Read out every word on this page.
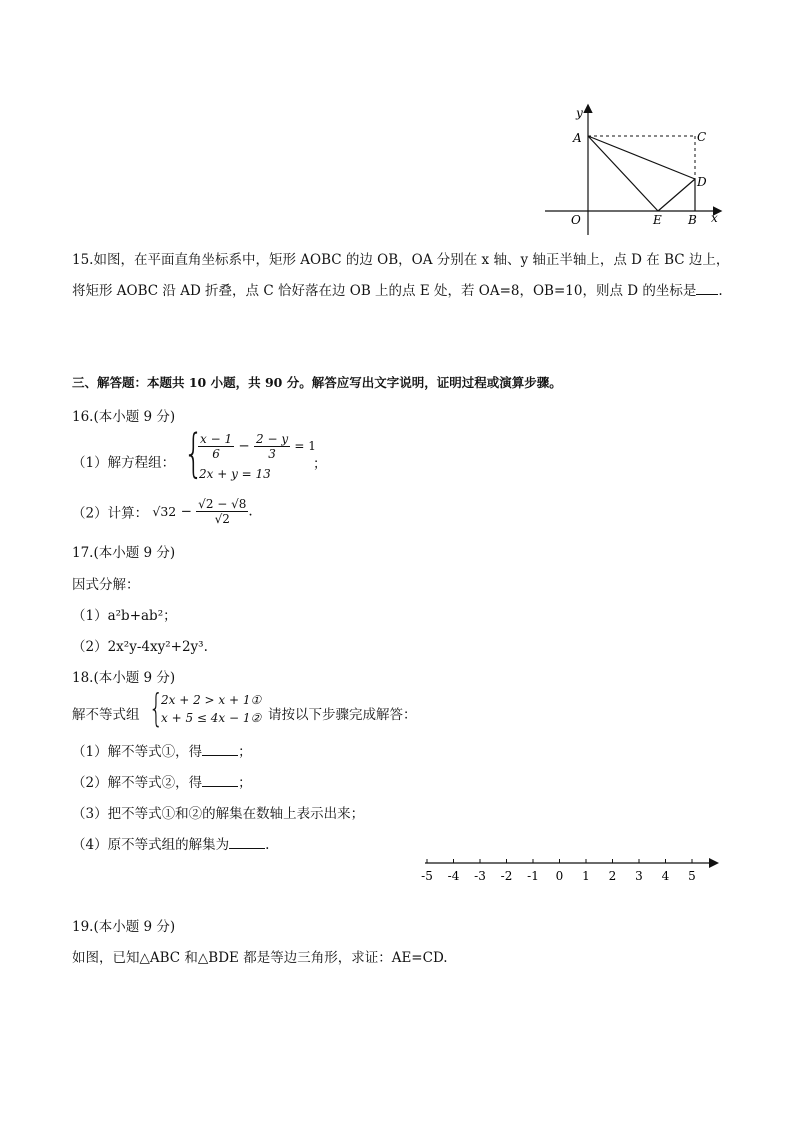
y
x
A	C
D
O	E B
15.如图，在平面直角坐标系中，矩形 AOBC 的边 OB，OA 分别在 x 轴、y 轴正半轴上，点 D 在 BC 边上，
将矩形 AOBC 沿 AD 折叠，点 C 恰好落在边 OB 上的点 E 处，若 OA=8，OB=10，则点 D 的坐标是 .
三、解答题：本题共 10 小题，共 90 分。解答应写出文字说明，证明过程或演算步骤。
16.(本小题 9 分)
（1）解方程组： {
$\frac{x - 1}{6} - \frac{2 - y}{3} = 1$
2x + y = 13
；
（2）计算： $√32 - \frac{√2 - √8}{√2}$ .
17.(本小题 9 分)
因式分解：
（1）a²b+ab²；
（2）2x²y-4xy²+2y³.
18.(本小题 9 分)
解不等式组 {
2x + 2 > x + 1①
x + 5 ≤ 4x − 1② 请按以下步骤完成解答：
（1）解不等式①，得	；
（2）解不等式②，得	；
（3）把不等式①和②的解集在数轴上表示出来；
（4）原不等式组的解集为	.
-5 -4 -3 -2 -1 0 1 2 3 4 5
19.(本小题 9 分)
如图，已知△ABC 和△BDE 都是等边三角形，求证：AE=CD.
